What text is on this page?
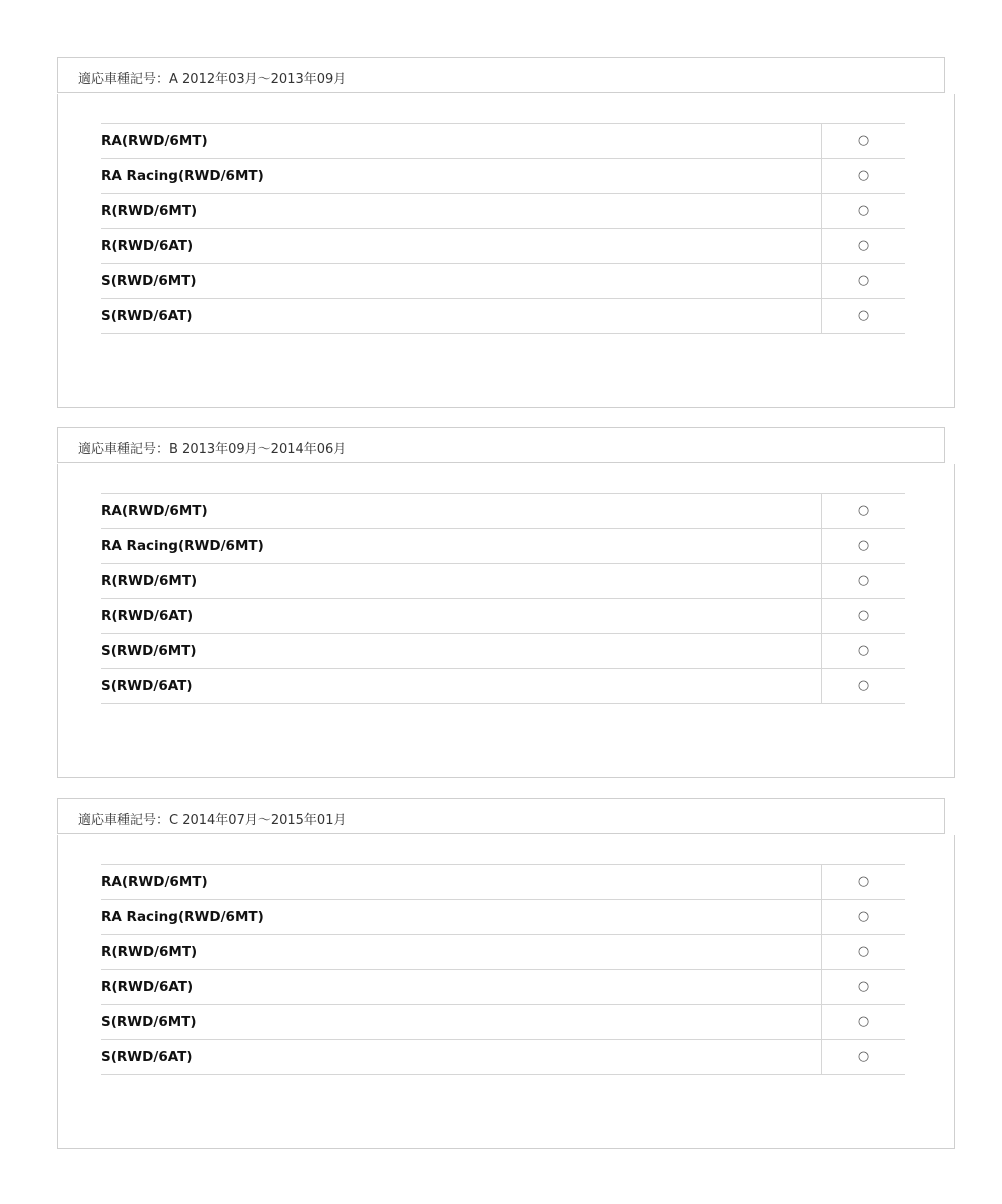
適応車種記号：A 2012年03月～2013年09月
RA(RWD/6MT)	○
RA Racing(RWD/6MT)	○
R(RWD/6MT)	○
R(RWD/6AT)	○
S(RWD/6MT)	○
S(RWD/6AT)	○
適応車種記号：B 2013年09月～2014年06月
RA(RWD/6MT)	○
RA Racing(RWD/6MT)	○
R(RWD/6MT)	○
R(RWD/6AT)	○
S(RWD/6MT)	○
S(RWD/6AT)	○
適応車種記号：C 2014年07月～2015年01月
RA(RWD/6MT)	○
RA Racing(RWD/6MT)	○
R(RWD/6MT)	○
R(RWD/6AT)	○
S(RWD/6MT)	○
S(RWD/6AT)	○
